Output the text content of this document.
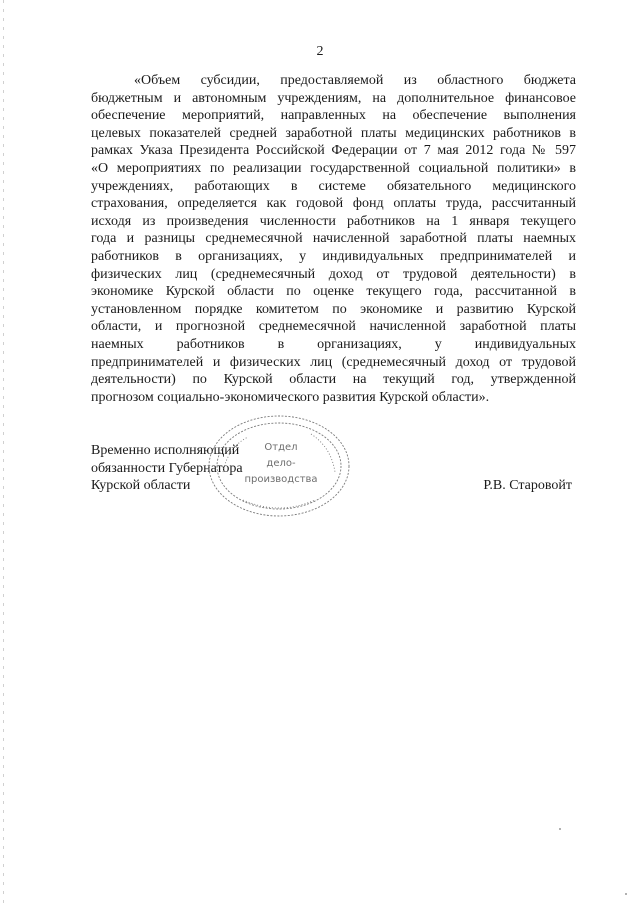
2
«Объем субсидии, предоставляемой из областного бюджета
бюджетным и автономным учреждениям, на дополнительное финансовое
обеспечение мероприятий, направленных на обеспечение выполнения
целевых показателей средней заработной платы медицинских работников в
рамках Указа Президента Российской Федерации от 7 мая 2012 года № 597
«О мероприятиях по реализации государственной социальной политики» в
учреждениях, работающих в системе обязательного медицинского
страхования, определяется как годовой фонд оплаты труда, рассчитанный
исходя из произведения численности работников на 1 января текущего
года и разницы среднемесячной начисленной заработной платы наемных
работников в организациях, у индивидуальных предпринимателей и
физических лиц (среднемесячный доход от трудовой деятельности) в
экономике Курской области по оценке текущего года, рассчитанной в
установленном порядке комитетом по экономике и развитию Курской
области, и прогнозной среднемесячной начисленной заработной платы
наемных работников в организациях, у индивидуальных
предпринимателей и физических лиц (среднемесячный доход от трудовой
деятельности) по Курской области на текущий год, утвержденной
прогнозом социально-экономического развития Курской области».
Временно исполняющий
обязанности Губернатора
Курской области	Р.В. Старовойт
Отдел
дело-
производства
